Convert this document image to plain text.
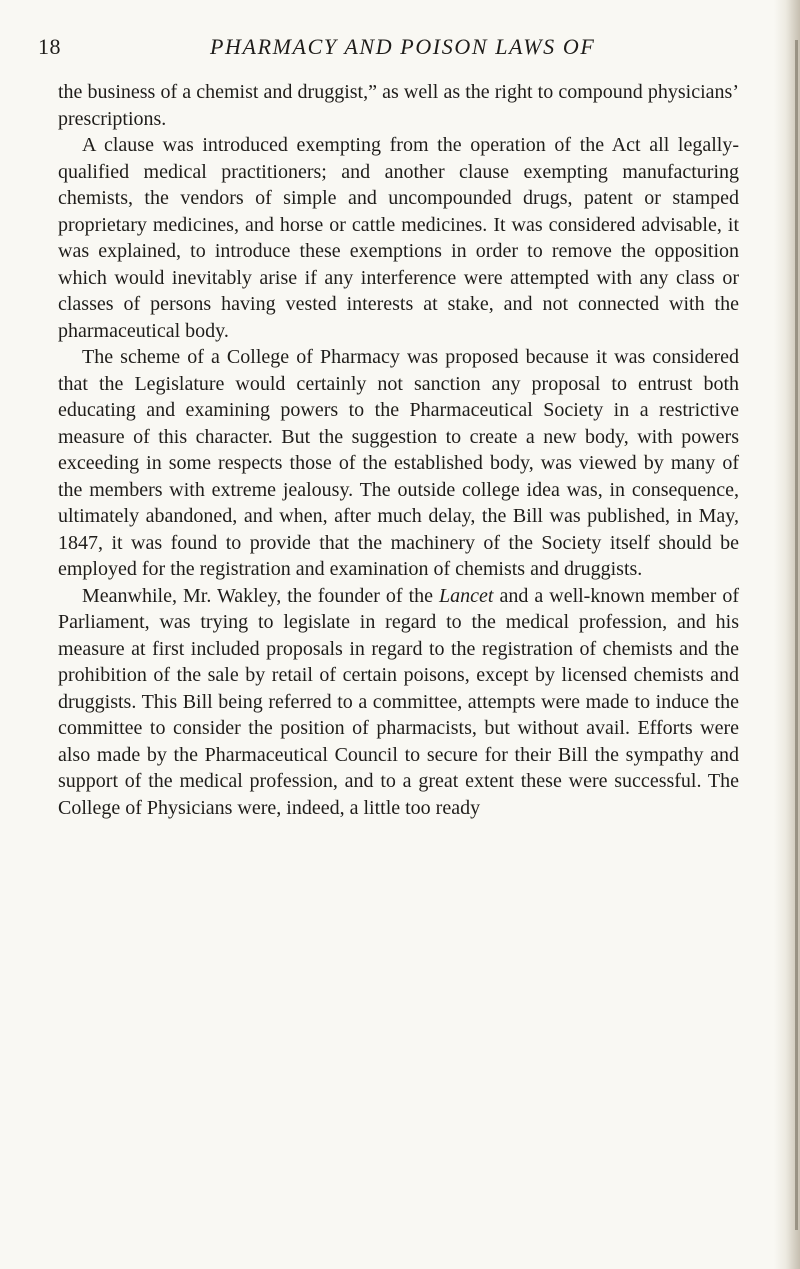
18	PHARMACY AND POISON LAWS OF

the business of a chemist and druggist,” as well as the right to compound physicians’ prescriptions.

A clause was introduced exempting from the operation of the Act all legally-qualified medical practitioners; and another clause exempting manufacturing chemists, the vendors of simple and uncompounded drugs, patent or stamped proprietary medicines, and horse or cattle medicines. It was considered advisable, it was explained, to introduce these exemptions in order to remove the opposition which would inevitably arise if any interference were attempted with any class or classes of persons having vested interests at stake, and not connected with the pharmaceutical body.

The scheme of a College of Pharmacy was proposed because it was considered that the Legislature would certainly not sanction any proposal to entrust both educating and examining powers to the Pharmaceutical Society in a restrictive measure of this character. But the suggestion to create a new body, with powers exceeding in some respects those of the established body, was viewed by many of the members with extreme jealousy. The outside college idea was, in consequence, ultimately abandoned, and when, after much delay, the Bill was published, in May, 1847, it was found to provide that the machinery of the Society itself should be employed for the registration and examination of chemists and druggists.

Meanwhile, Mr. Wakley, the founder of the Lancet and a well-known member of Parliament, was trying to legislate in regard to the medical profession, and his measure at first included proposals in regard to the registration of chemists and the prohibition of the sale by retail of certain poisons, except by licensed chemists and druggists. This Bill being referred to a committee, attempts were made to induce the committee to consider the position of pharmacists, but without avail. Efforts were also made by the Pharmaceutical Council to secure for their Bill the sympathy and support of the medical profession, and to a great extent these were successful. The College of Physicians were, indeed, a little too ready
